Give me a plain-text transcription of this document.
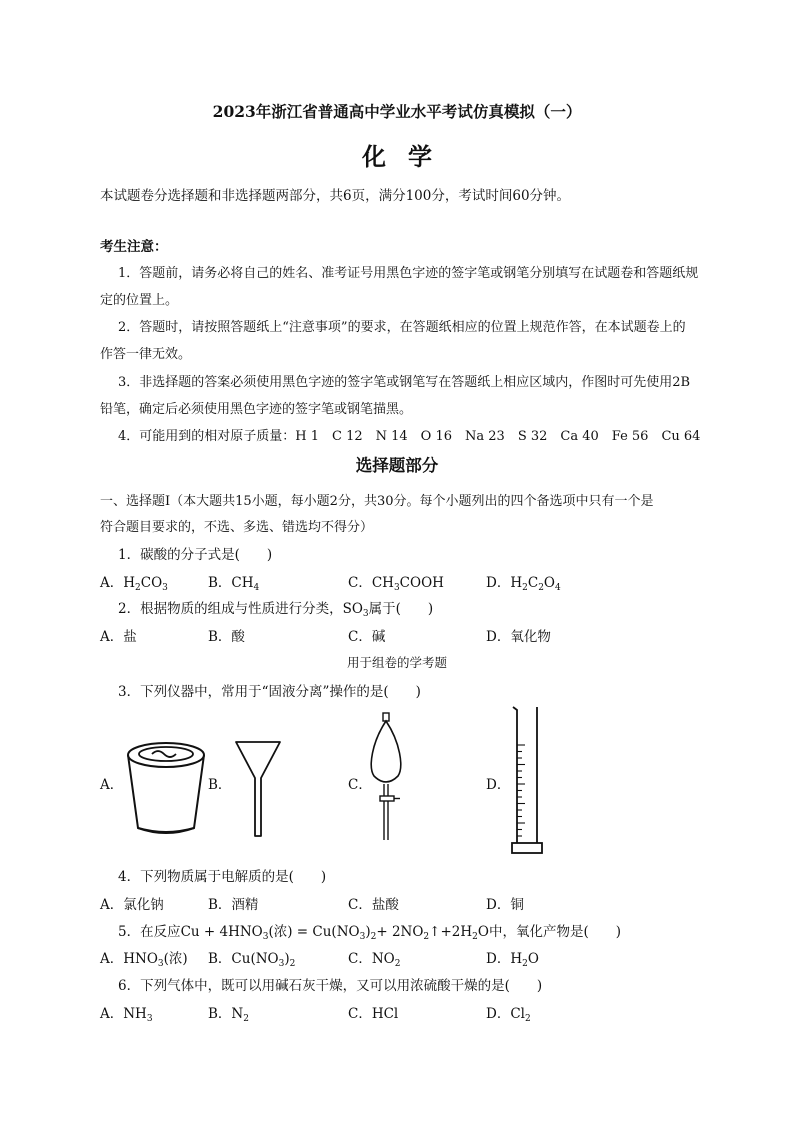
2023年浙江省普通高中学业水平考试仿真模拟（一）
化学
本试题卷分选择题和非选择题两部分，共6页，满分100分，考试时间60分钟。
考生注意：
1．答题前，请务必将自己的姓名、准考证号用黑色字迹的签字笔或钢笔分别填写在试题卷和答题纸规
定的位置上。
2．答题时，请按照答题纸上“注意事项”的要求，在答题纸相应的位置上规范作答，在本试题卷上的
作答一律无效。
3．非选择题的答案必须使用黑色字迹的签字笔或钢笔写在答题纸上相应区域内，作图时可先使用2B
铅笔，确定后必须使用黑色字迹的签字笔或钢笔描黑。
4．可能用到的相对原子质量：H 1　C 12　N 14　O 16　Na 23　S 32　Ca 40　Fe 56　Cu 64
选择题部分
一、选择题Ⅰ（本大题共15小题，每小题2分，共30分。每个小题列出的四个备选项中只有一个是
符合题目要求的，不选、多选、错选均不得分）
1．碳酸的分子式是(　　)
A．$H_2CO_3$	B．$CH_4$	C．$CH_3COOH$	D．$H_2C_2O_4$
2．根据物质的组成与性质进行分类，$SO_3$属于(　　)
A．盐	B．酸	C．碱	D．氧化物
用于组卷的学考题
3．下列仪器中，常用于“固液分离”操作的是(　　)
A．	B．	C．	D．
4．下列物质属于电解质的是(　　)
A．氯化钠	B．酒精	C．盐酸	D．铜
5．在反应$Cu + 4HNO_3$(浓) = $Cu(NO_3)_2+$ $2NO_2↑+2H_2O$中，氧化产物是(　　)
A．$HNO_3$(浓) B．$Cu(NO_3)_2$	C．$NO_2$	D．$H_2O$
6．下列气体中，既可以用碱石灰干燥，又可以用浓硫酸干燥的是(　　)
A．$NH_3$	B．$N_2$	C．HCl	D．$Cl_2$
